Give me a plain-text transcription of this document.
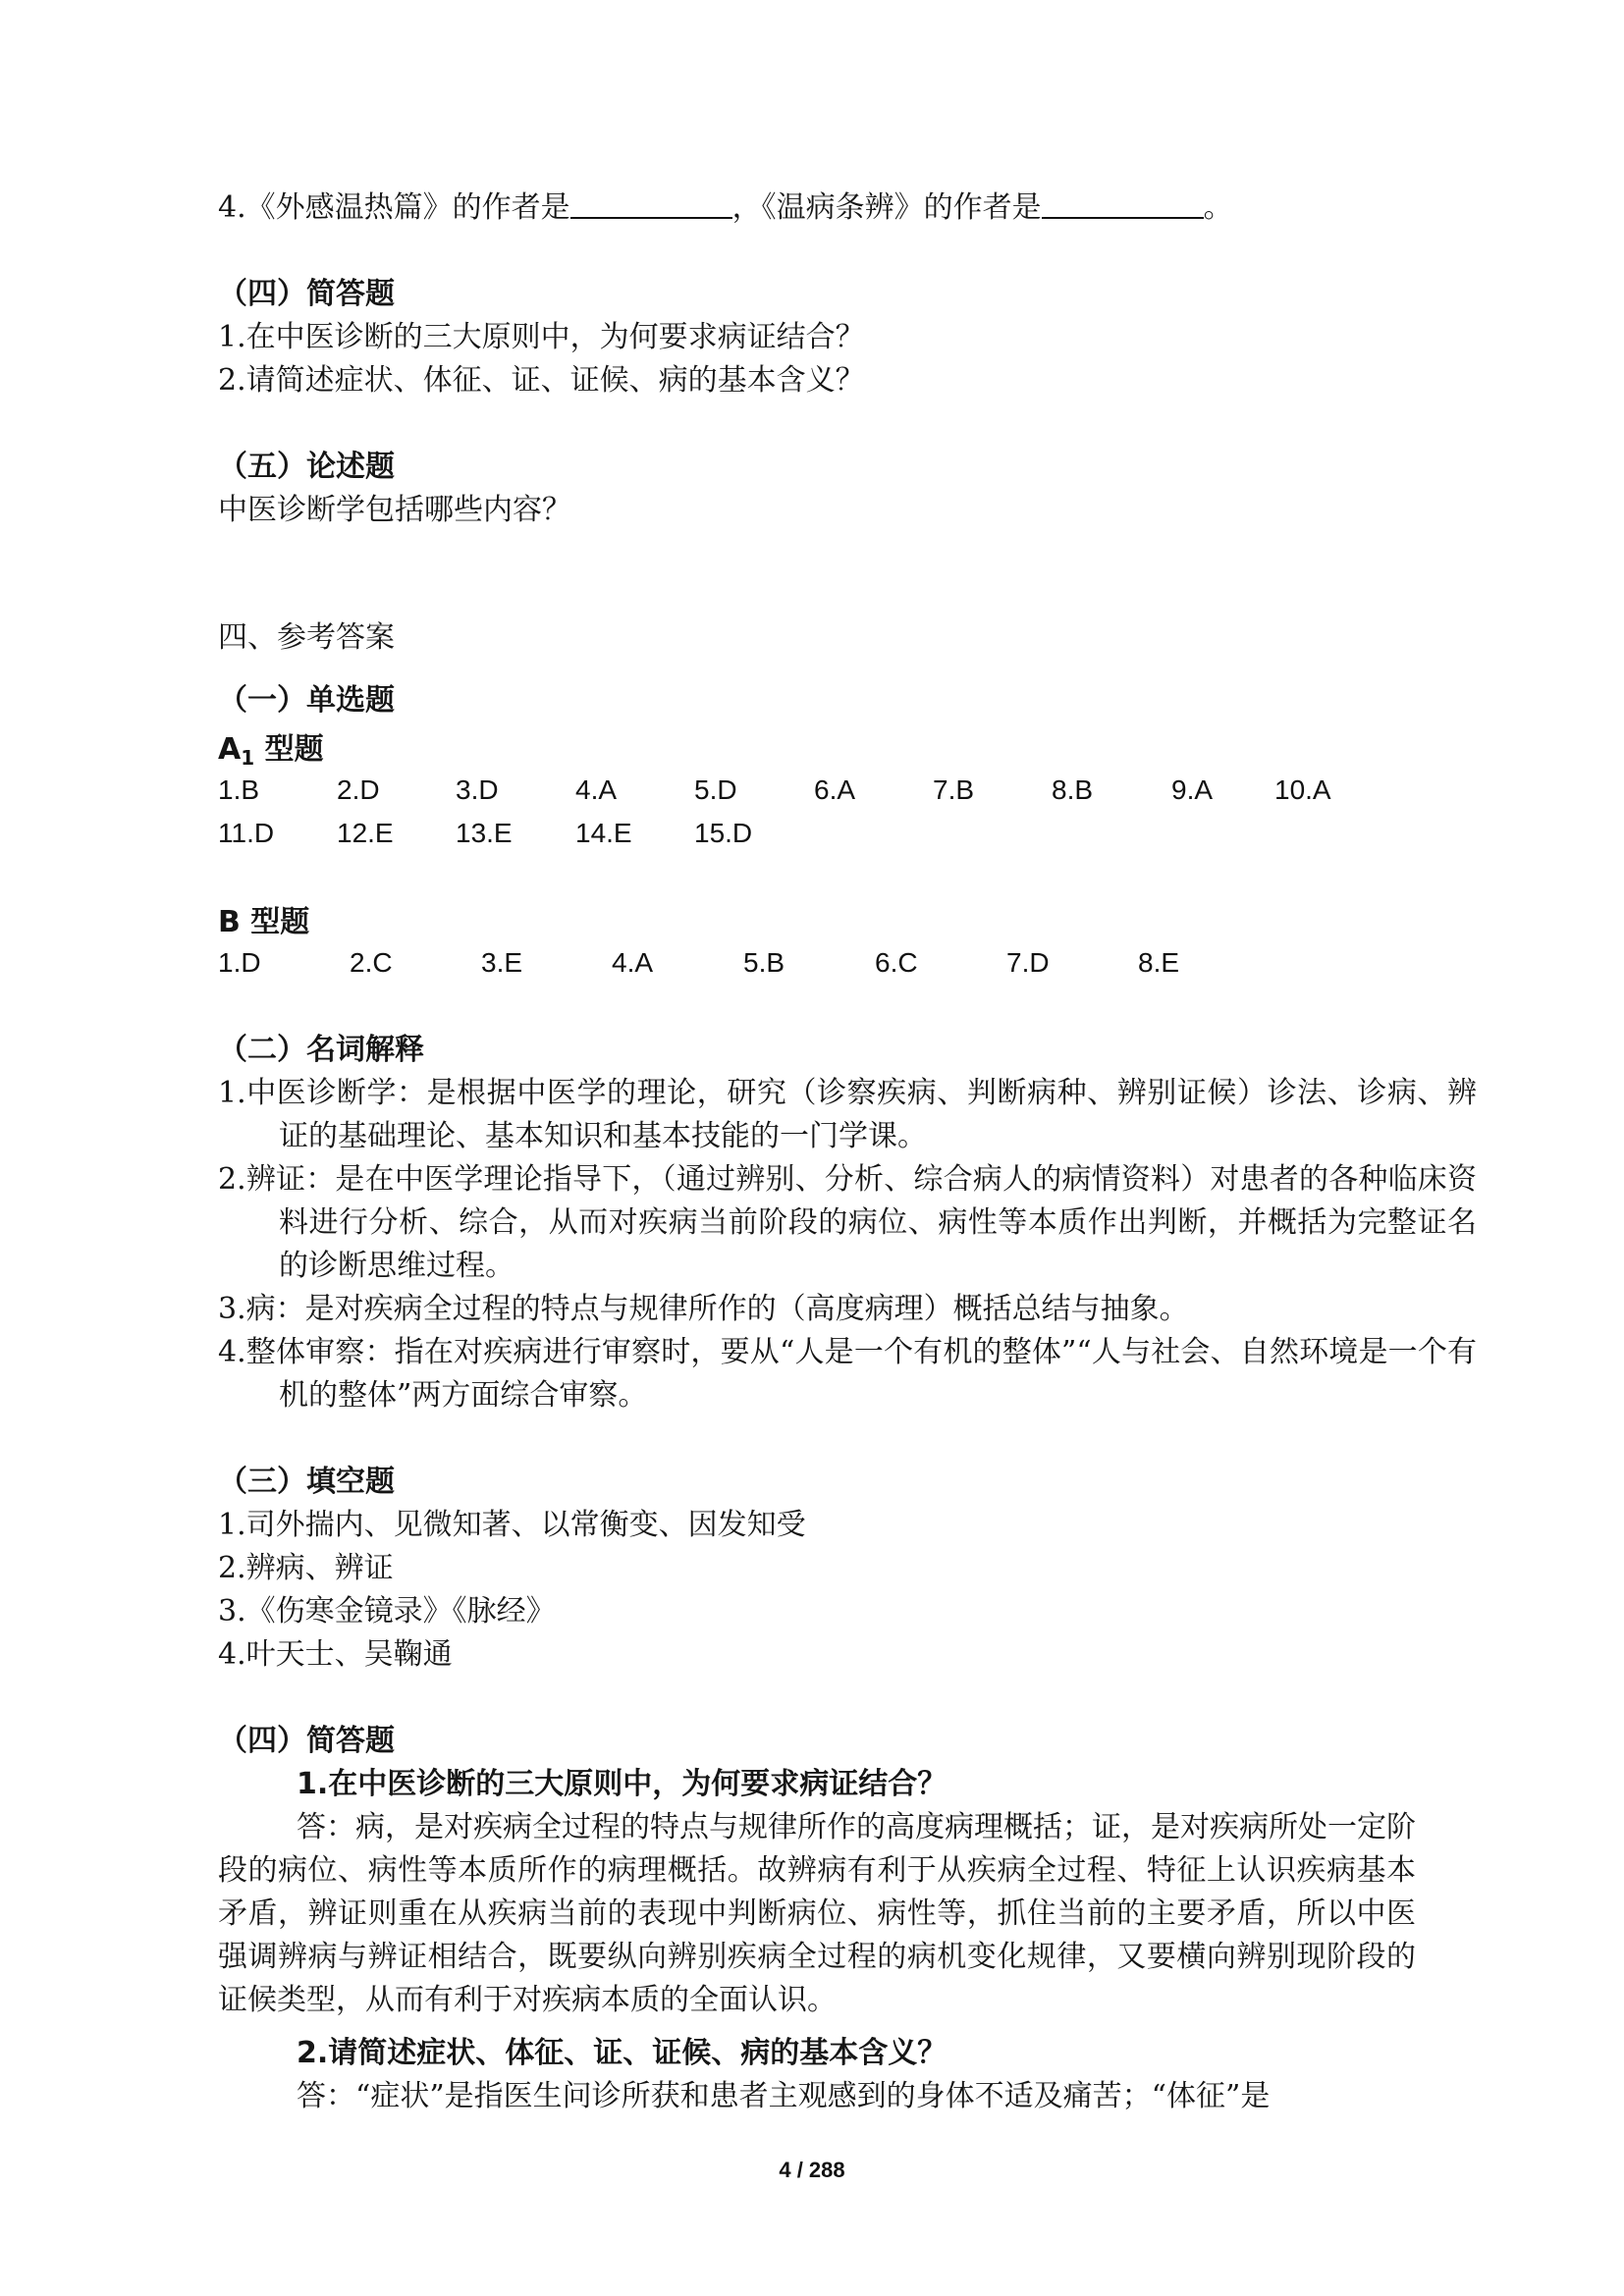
4.《外感温热篇》的作者是	，《温病条辨》的作者是	。
（四）简答题
1.在中医诊断的三大原则中，为何要求病证结合？
2.请简述症状、体征、证、证候、病的基本含义？
（五）论述题
中医诊断学包括哪些内容？
四、参考答案
（一）单选题
$A_1$ 型题
1.B	2.D	3.D	4.A	5.D	6.A	7.B	8.B	9.A 10.A
11.D 12.E 13.E 14.E 15.D
B 型题
1.D	2.C	3.E	4.A	5.B	6.C	7.D	8.E
（二）名词解释
1.中医诊断学：是根据中医学的理论，研究（诊察疾病、判断病种、辨别证候）诊法、诊病、辨证的基础理论、基本知识和基本技能的一门学课。
2.辨证：是在中医学理论指导下，（通过辨别、分析、综合病人的病情资料）对患者的各种临床资料进行分析、综合，从而对疾病当前阶段的病位、病性等本质作出判断，并概括为完整证名的诊断思维过程。
3.病：是对疾病全过程的特点与规律所作的（高度病理）概括总结与抽象。
4.整体审察：指在对疾病进行审察时，要从“人是一个有机的整体”“人与社会、自然环境是一个有机的整体”两方面综合审察。
（三）填空题
1.司外揣内、见微知著、以常衡变、因发知受
2.辨病、辨证
3.《伤寒金镜录》《脉经》
4.叶天士、吴鞠通
（四）简答题
1.在中医诊断的三大原则中，为何要求病证结合？
答：病，是对疾病全过程的特点与规律所作的高度病理概括；证，是对疾病所处一定阶段的病位、病性等本质所作的病理概括。故辨病有利于从疾病全过程、特征上认识疾病基本矛盾，辨证则重在从疾病当前的表现中判断病位、病性等，抓住当前的主要矛盾，所以中医强调辨病与辨证相结合，既要纵向辨别疾病全过程的病机变化规律，又要横向辨别现阶段的证候类型，从而有利于对疾病本质的全面认识。
2.请简述症状、体征、证、证候、病的基本含义？
答：“症状”是指医生问诊所获和患者主观感到的身体不适及痛苦；“体征”是
4 / 288
